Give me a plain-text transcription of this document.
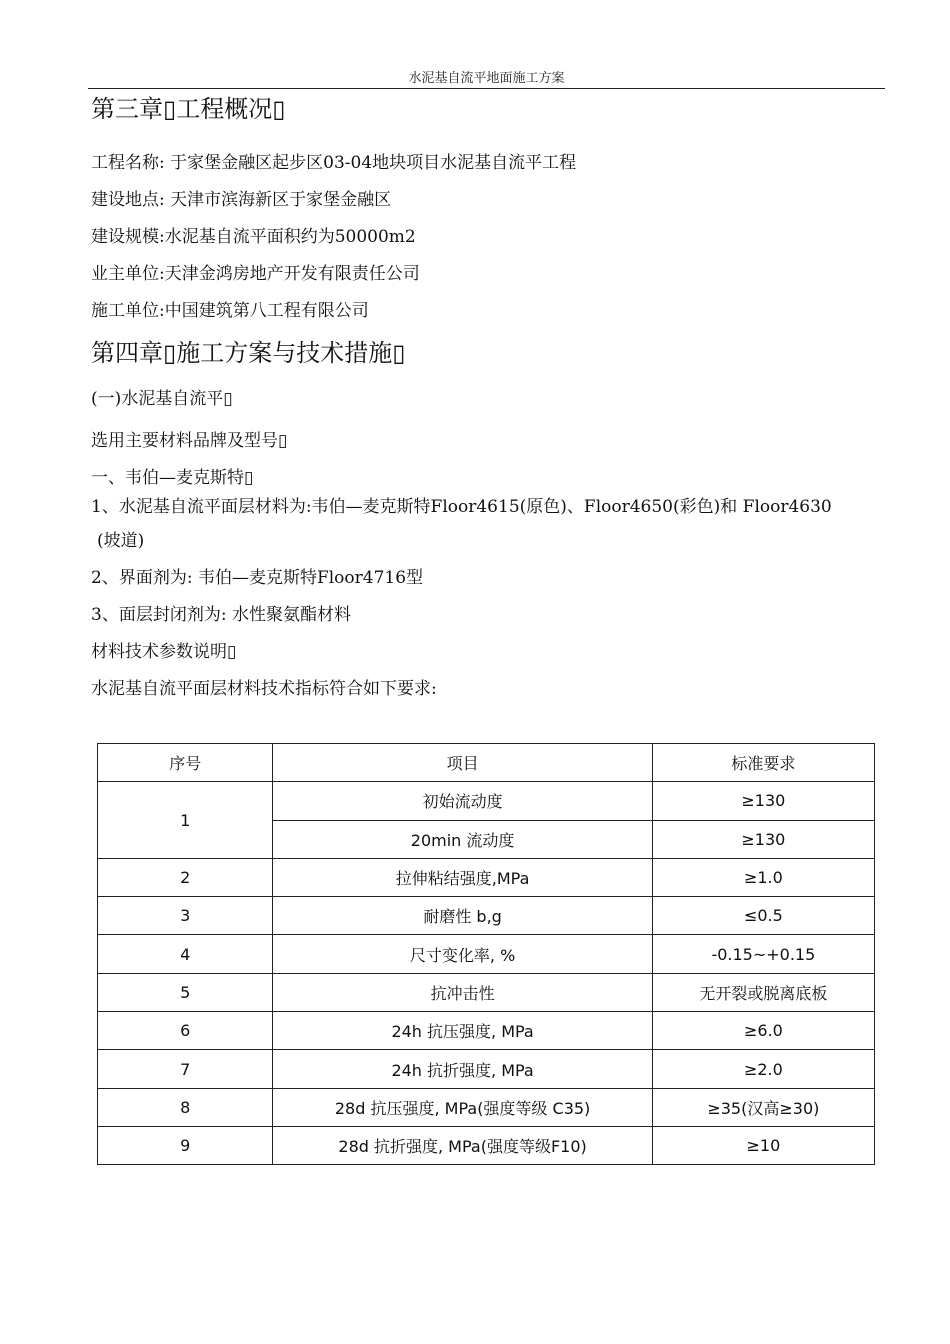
水泥基自流平地面施工方案
第三章▯工程概况▯
工程名称: 于家堡金融区起步区03-04地块项目水泥基自流平工程
建设地点: 天津市滨海新区于家堡金融区
建设规模:水泥基自流平面积约为50000m2
业主单位:天津金鸿房地产开发有限责任公司
施工单位:中国建筑第八工程有限公司
第四章▯施工方案与技术措施▯
(一)水泥基自流平▯
选用主要材料品牌及型号▯
一、韦伯—麦克斯特▯
1、水泥基自流平面层材料为:韦伯—麦克斯特Floor4615(原色)、Floor4650(彩色)和 Floor4630
(坡道)
2、界面剂为: 韦伯—麦克斯特Floor4716型
3、面层封闭剂为: 水性聚氨酯材料
材料技术参数说明▯
水泥基自流平面层材料技术指标符合如下要求:
序号	项目	标准要求
1	初始流动度	≥130
	20min 流动度	≥130
2	拉伸粘结强度,MPa	≥1.0
3	耐磨性 b,g	≤0.5
4	尺寸变化率, %	-0.15~+0.15
5	抗冲击性	无开裂或脱离底板
6	24h 抗压强度, MPa	≥6.0
7	24h 抗折强度, MPa	≥2.0
8	28d 抗压强度, MPa(强度等级 C35)	≥35(汉高≥30)
9	28d 抗折强度, MPa(强度等级F10)	≥10
